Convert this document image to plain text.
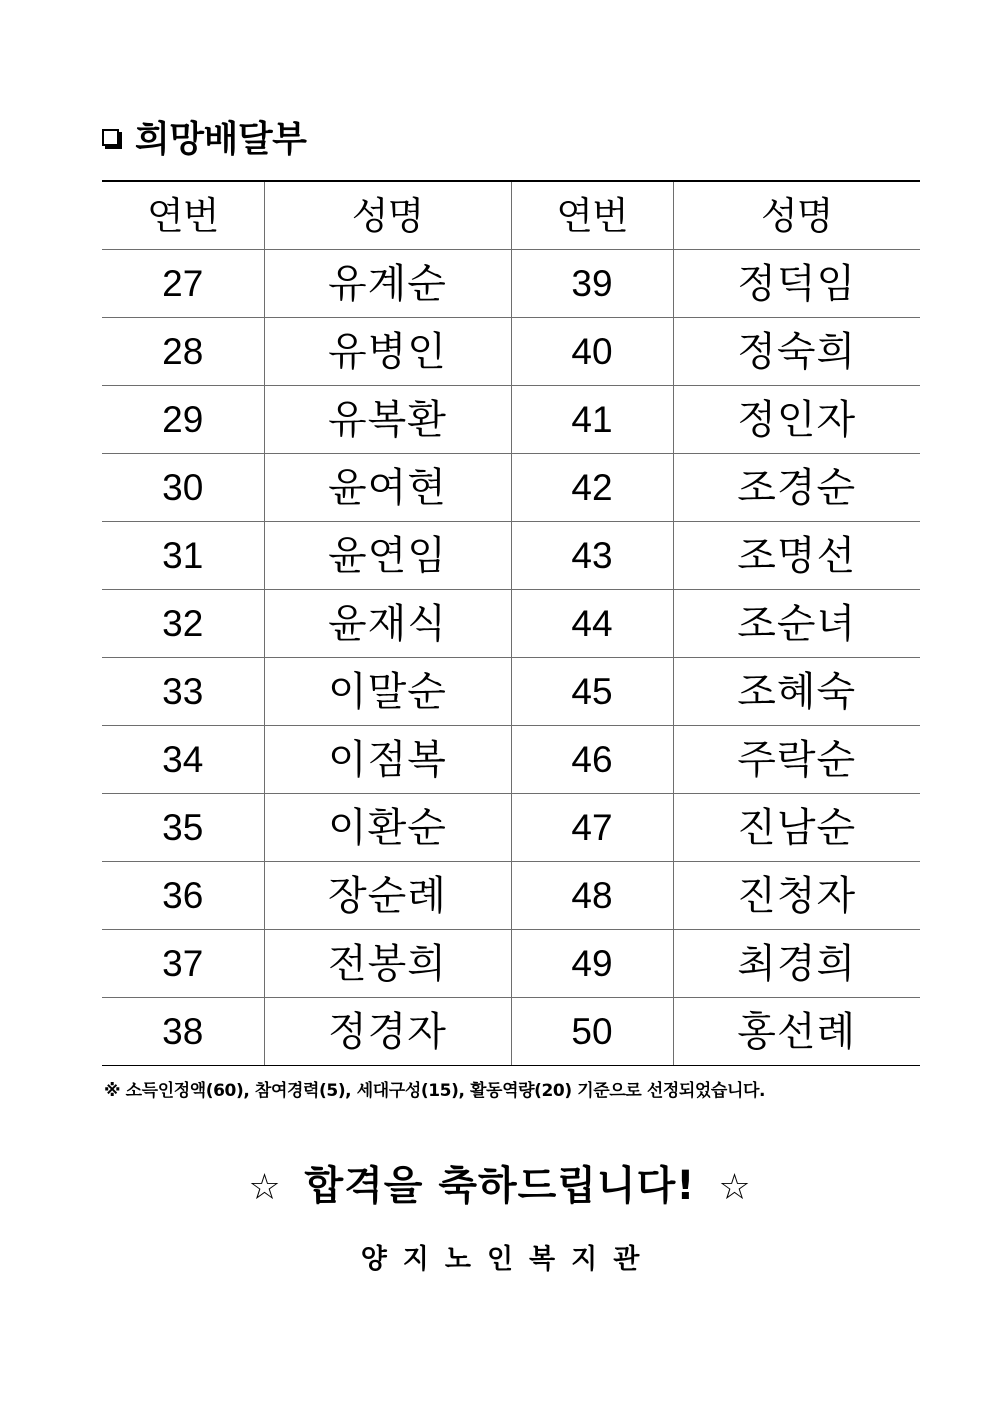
희망배달부
연번	성명	연번	성명
27	유계순	39	정덕임
28	유병인	40	정숙희
29	유복환	41	정인자
30	윤여현	42	조경순
31	윤연임	43	조명선
32	윤재식	44	조순녀
33	이말순	45	조혜숙
34	이점복	46	주락순
35	이환순	47	진남순
36	장순례	48	진청자
37	전봉희	49	최경희
38	정경자	50	홍선례
※ 소득인정액(60), 참여경력(5), 세대구성(15), 활동역량(20) 기준으로 선정되었습니다.
☆ 합격을 축하드립니다! ☆
양지노인복지관
